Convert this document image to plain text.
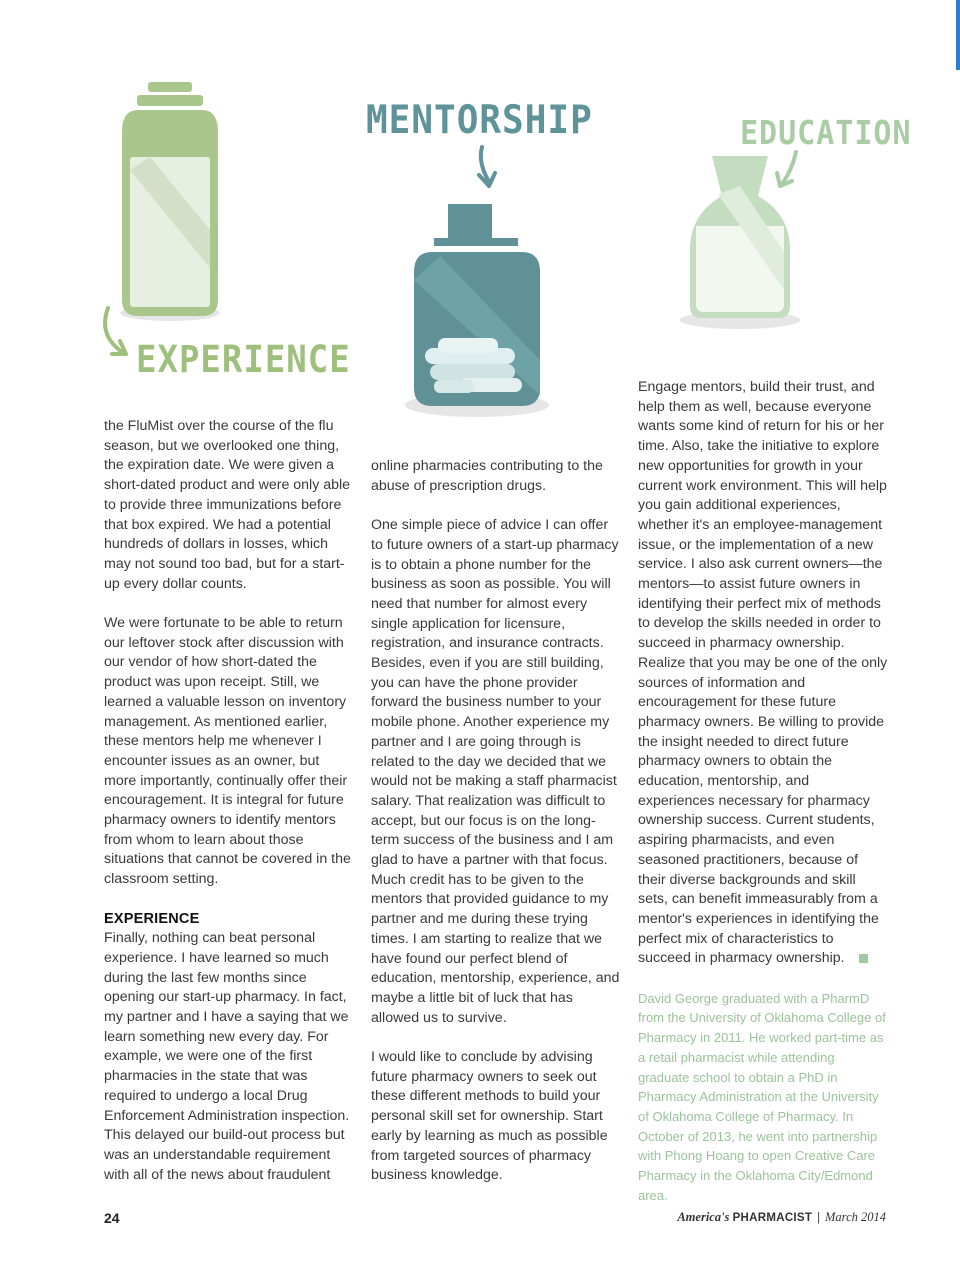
MENTORSHIP	EDUCATION
EXPERIENCE

the FluMist over the course of the flu season, but we overlooked one thing, the expiration date. We were given a short-dated product and were only able to provide three immunizations before that box expired. We had a potential hundreds of dollars in losses, which may not sound too bad, but for a start-up every dollar counts.

We were fortunate to be able to return our leftover stock after discussion with our vendor of how short-dated the product was upon receipt. Still, we learned a valuable lesson on inventory management. As mentioned earlier, these mentors help me whenever I encounter issues as an owner, but more importantly, continually offer their encouragement. It is integral for future pharmacy owners to identify mentors from whom to learn about those situations that cannot be covered in the classroom setting.

EXPERIENCE
Finally, nothing can beat personal experience. I have learned so much during the last few months since opening our start-up pharmacy. In fact, my partner and I have a saying that we learn something new every day. For example, we were one of the first pharmacies in the state that was required to undergo a local Drug Enforcement Administration inspection. This delayed our build-out process but was an understandable requirement with all of the news about fraudulent

online pharmacies contributing to the abuse of prescription drugs.

One simple piece of advice I can offer to future owners of a start-up pharmacy is to obtain a phone number for the business as soon as possible. You will need that number for almost every single application for licensure, registration, and insurance contracts. Besides, even if you are still building, you can have the phone provider forward the business number to your mobile phone. Another experience my partner and I are going through is related to the day we decided that we would not be making a staff pharmacist salary. That realization was difficult to accept, but our focus is on the long-term success of the business and I am glad to have a partner with that focus. Much credit has to be given to the mentors that provided guidance to my partner and me during these trying times. I am starting to realize that we have found our perfect blend of education, mentorship, experience, and maybe a little bit of luck that has allowed us to survive.

I would like to conclude by advising future pharmacy owners to seek out these different methods to build your personal skill set for ownership. Start early by learning as much as possible from targeted sources of pharmacy business knowledge.

Engage mentors, build their trust, and help them as well, because everyone wants some kind of return for his or her time. Also, take the initiative to explore new opportunities for growth in your current work environment. This will help you gain additional experiences, whether it's an employee-management issue, or the implementation of a new service. I also ask current owners—the mentors—to assist future owners in identifying their perfect mix of methods to develop the skills needed in order to succeed in pharmacy ownership. Realize that you may be one of the only sources of information and encouragement for these future pharmacy owners. Be willing to provide the insight needed to direct future pharmacy owners to obtain the education, mentorship, and experiences necessary for pharmacy ownership success. Current students, aspiring pharmacists, and even seasoned practitioners, because of their diverse backgrounds and skill sets, can benefit immeasurably from a mentor's experiences in identifying the perfect mix of characteristics to succeed in pharmacy ownership.

David George graduated with a PharmD from the University of Oklahoma College of Pharmacy in 2011. He worked part-time as a retail pharmacist while attending graduate school to obtain a PhD in Pharmacy Administration at the University of Oklahoma College of Pharmacy. In October of 2013, he went into partnership with Phong Hoang to open Creative Care Pharmacy in the Oklahoma City/Edmond area.

24	America's PHARMACIST | March 2014
